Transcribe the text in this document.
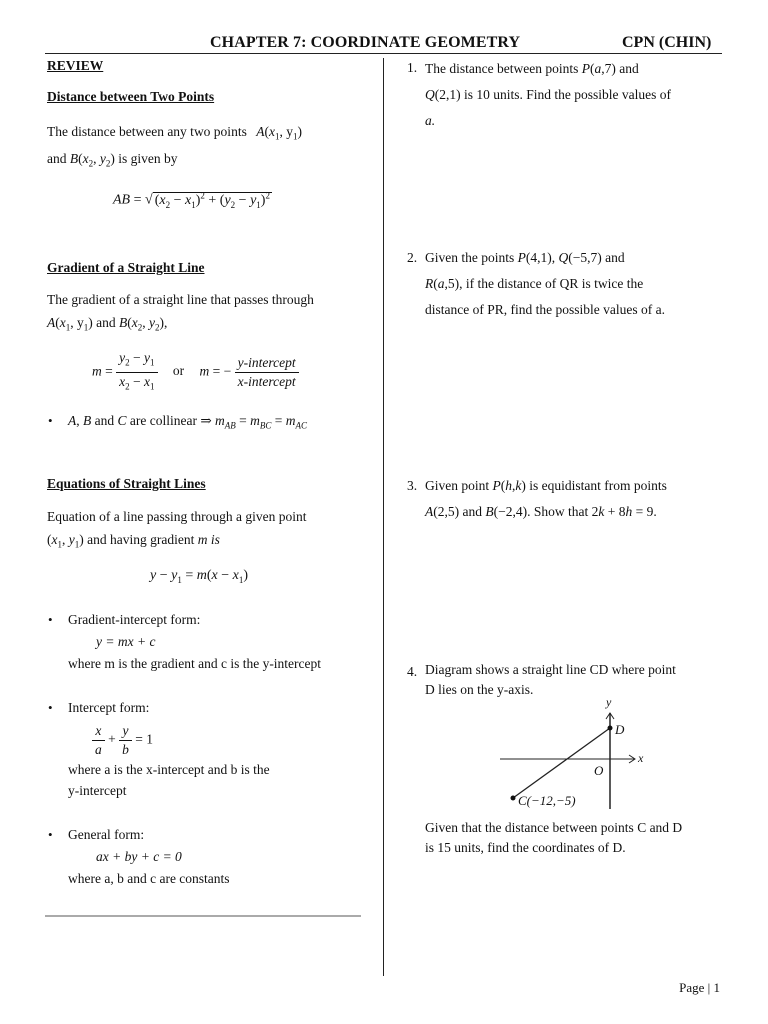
CHAPTER 7: COORDINATE GEOMETRY	CPN (CHIN)
REVIEW
Distance between Two Points
The distance between any two points $A(x_1$, $y_1$)
and $B(x_2$, $y_2$) is given by
AB = √ $(x_2 - x_1)^2 + (y_2 - y_1)^2$
Gradient of a Straight Line
The gradient of a straight line that passes through
$A(x_1$, $y_1$) and $B(x_2$, $y_2$),
$m = \frac{y_2 - y_1}{x_2 - x_1}$ or m = − $\frac{\text{y-intercept}}{\text{x-intercept}}$
• A, B and C are collinear ⇒ $m_{AB} = m_{BC} = m_{AC}$
Equations of Straight Lines
Equation of a line passing through a given point
($x_1$, $y_1$) and having gradient m is
$y - y_1 = m(x - x_1)$
• Gradient-intercept form:
y = mx + c
where m is the gradient and c is the y-intercept
• Intercept form:
$\frac{x}{a} + \frac{y}{b} = 1$
where a is the x-intercept and b is the
y-intercept
• General form:
ax + by + c = 0
where a, b and c are constants
1. The distance between points P(a,7) and
Q(2,1) is 10 units. Find the possible values of
a.
2. Given the points P(4,1), Q(−5,7) and
R(a,5), if the distance of QR is twice the
distance of PR, find the possible values of a.
3. Given point P(h,k) is equidistant from points
A(2,5) and B(−2,4). Show that 2k + 8h = 9.
4. Diagram shows a straight line CD where point
D lies on the y-axis.
y
x
O
D
C(−12,−5)
Given that the distance between points C and D
is 15 units, find the coordinates of D.
Page | 1
